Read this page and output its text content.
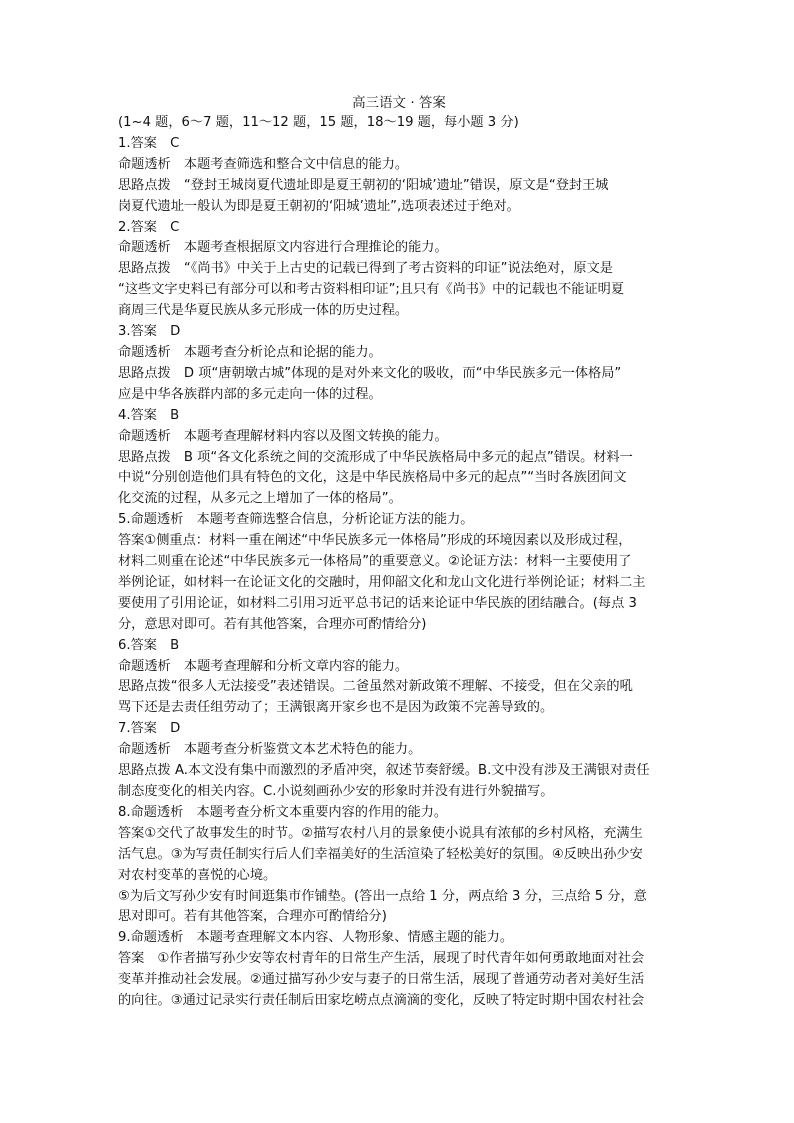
高三语文 · 答案
(1~4 题，6～7 题，11～12 题，15 题，18～19 题，每小题 3 分)
1.答案　C
命题透析　本题考查筛选和整合文中信息的能力。
思路点拨　“登封王城岗夏代遗址即是夏王朝初的‘阳城’遗址”错误，原文是“登封王城
岗夏代遗址一般认为即是夏王朝初的‘阳城’遗址”,选项表述过于绝对。
2.答案　C
命题透析　本题考查根据原文内容进行合理推论的能力。
思路点拨　“《尚书》中关于上古史的记载已得到了考古资料的印证”说法绝对，原文是
“这些文字史料已有部分可以和考古资料相印证”;且只有《尚书》中的记载也不能证明夏
商周三代是华夏民族从多元形成一体的历史过程。
3.答案　D
命题透析　本题考查分析论点和论据的能力。
思路点拨　D 项“唐朝墩古城”体现的是对外来文化的吸收，而“中华民族多元一体格局”
应是中华各族群内部的多元走向一体的过程。
4.答案　B
命题透析　本题考查理解材料内容以及图文转换的能力。
思路点拨　B 项“各文化系统之间的交流形成了中华民族格局中多元的起点”错误。材料一
中说“分别创造他们具有特色的文化，这是中华民族格局中多元的起点”“当时各族团间文
化交流的过程，从多元之上增加了一体的格局”。
5.命题透析　本题考查筛选整合信息，分析论证方法的能力。
答案①侧重点：材料一重在阐述“中华民族多元一体格局”形成的环境因素以及形成过程，
材料二则重在论述“中华民族多元一体格局”的重要意义。②论证方法：材料一主要使用了
举例论证，如材料一在论证文化的交融时，用仰韶文化和龙山文化进行举例论证；材料二主
要使用了引用论证，如材料二引用习近平总书记的话来论证中华民族的团结融合。(每点 3
分，意思对即可。若有其他答案，合理亦可酌情给分)
6.答案　B
命题透析　本题考查理解和分析文章内容的能力。
思路点拨“很多人无法接受”表述错误。二爸虽然对新政策不理解、不接受，但在父亲的吼
骂下还是去责任组劳动了；王满银离开家乡也不是因为政策不完善导致的。
7.答案　D
命题透析　本题考查分析鉴赏文本艺术特色的能力。
思路点拨 A.本文没有集中而激烈的矛盾冲突，叙述节奏舒缓。B.文中没有涉及王满银对责任
制态度变化的相关内容。C.小说刻画孙少安的形象时并没有进行外貌描写。
8.命题透析　本题考查分析文本重要内容的作用的能力。
答案①交代了故事发生的时节。②描写农村八月的景象使小说具有浓郁的乡村风格，充满生
活气息。③为写责任制实行后人们幸福美好的生活渲染了轻松美好的氛围。④反映出孙少安
对农村变革的喜悦的心境。
⑤为后文写孙少安有时间逛集市作铺垫。(答出一点给 1 分，两点给 3 分，三点给 5 分，意
思对即可。若有其他答案，合理亦可酌情给分)
9.命题透析　本题考查理解文本内容、人物形象、情感主题的能力。
答案　①作者描写孙少安等农村青年的日常生产生活，展现了时代青年如何勇敢地面对社会
变革并推动社会发展。②通过描写孙少安与妻子的日常生活，展现了普通劳动者对美好生活
的向往。③通过记录实行责任制后田家圪崂点点滴滴的变化，反映了特定时期中国农村社会
